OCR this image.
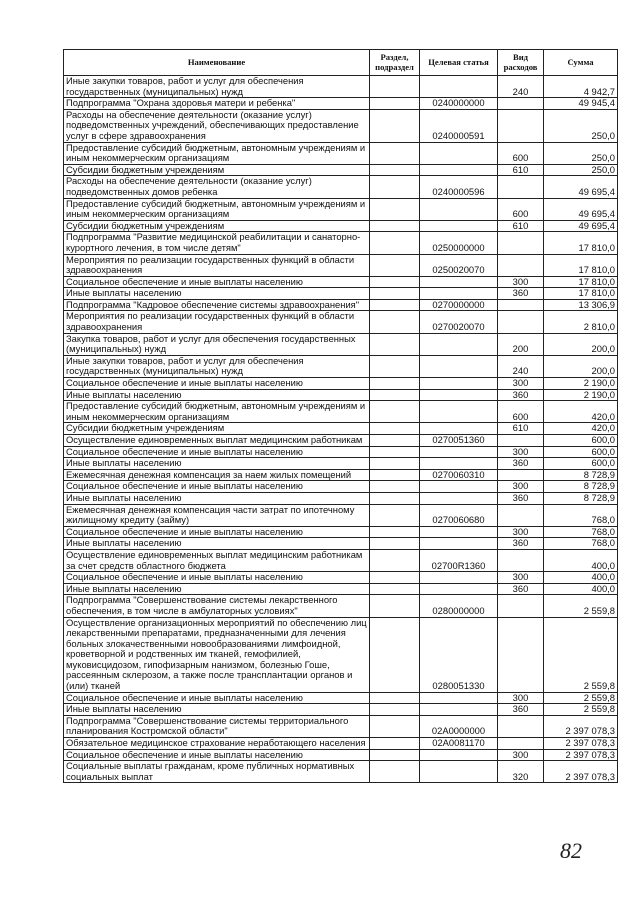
Наименование	Раздел, подраздел	Целевая статья	Вид расходов	Сумма
Иные закупки товаров, работ и услуг для обеспечения государственных (муниципальных) нужд			240	4 942,7
Подпрограмма "Охрана здоровья матери и ребенка"		0240000000		49 945,4
Расходы на обеспечение деятельности (оказание услуг) подведомственных учреждений, обеспечивающих предоставление услуг в сфере здравоохранения		0240000591		250,0
Предоставление субсидий бюджетным, автономным учреждениям и иным некоммерческим организациям			600	250,0
Субсидии бюджетным учреждениям			610	250,0
Расходы на обеспечение деятельности (оказание услуг) подведомственных домов ребенка		0240000596		49 695,4
Предоставление субсидий бюджетным, автономным учреждениям и иным некоммерческим организациям			600	49 695,4
Субсидии бюджетным учреждениям			610	49 695,4
Подпрограмма "Развитие медицинской реабилитации и санаторно-курортного лечения, в том числе детям"		0250000000		17 810,0
Мероприятия по реализации государственных функций в области здравоохранения		0250020070		17 810,0
Социальное обеспечение и иные выплаты населению			300	17 810,0
Иные выплаты населению			360	17 810,0
Подпрограмма "Кадровое обеспечение системы здравоохранения"		0270000000		13 306,9
Мероприятия по реализации государственных функций в области здравоохранения		0270020070		2 810,0
Закупка товаров, работ и услуг для обеспечения государственных (муниципальных) нужд			200	200,0
Иные закупки товаров, работ и услуг для обеспечения государственных (муниципальных) нужд			240	200,0
Социальное обеспечение и иные выплаты населению			300	2 190,0
Иные выплаты населению			360	2 190,0
Предоставление субсидий бюджетным, автономным учреждениям и иным некоммерческим организациям			600	420,0
Субсидии бюджетным учреждениям			610	420,0
Осуществление единовременных выплат медицинским работникам		0270051360		600,0
Социальное обеспечение и иные выплаты населению			300	600,0
Иные выплаты населению			360	600,0
Ежемесячная денежная компенсация за наем жилых помещений		0270060310		8 728,9
Социальное обеспечение и иные выплаты населению			300	8 728,9
Иные выплаты населению			360	8 728,9
Ежемесячная денежная компенсация части затрат по ипотечному жилищному кредиту (займу)		0270060680		768,0
Социальное обеспечение и иные выплаты населению			300	768,0
Иные выплаты населению			360	768,0
Осуществление единовременных выплат медицинским работникам за счет средств областного бюджета		02700R1360		400,0
Социальное обеспечение и иные выплаты населению			300	400,0
Иные выплаты населению			360	400,0
Подпрограмма "Совершенствование системы лекарственного обеспечения, в том числе в амбулаторных условиях"		0280000000		2 559,8
Осуществление организационных мероприятий по обеспечению лиц лекарственными препаратами, предназначенными для лечения больных злокачественными новообразованиями лимфоидной, кроветворной и родственных им тканей, гемофилией, муковисцидозом, гипофизарным нанизмом, болезнью Гоше, рассеянным склерозом, а также после трансплантации органов и (или) тканей		0280051330		2 559,8
Социальное обеспечение и иные выплаты населению			300	2 559,8
Иные выплаты населению			360	2 559,8
Подпрограмма "Совершенствование системы территориального планирования Костромской области"		02А0000000		2 397 078,3
Обязательное медицинское страхование неработающего населения		02А0081170		2 397 078,3
Социальное обеспечение и иные выплаты населению			300	2 397 078,3
Социальные выплаты гражданам, кроме публичных нормативных социальных выплат			320	2 397 078,3
82
